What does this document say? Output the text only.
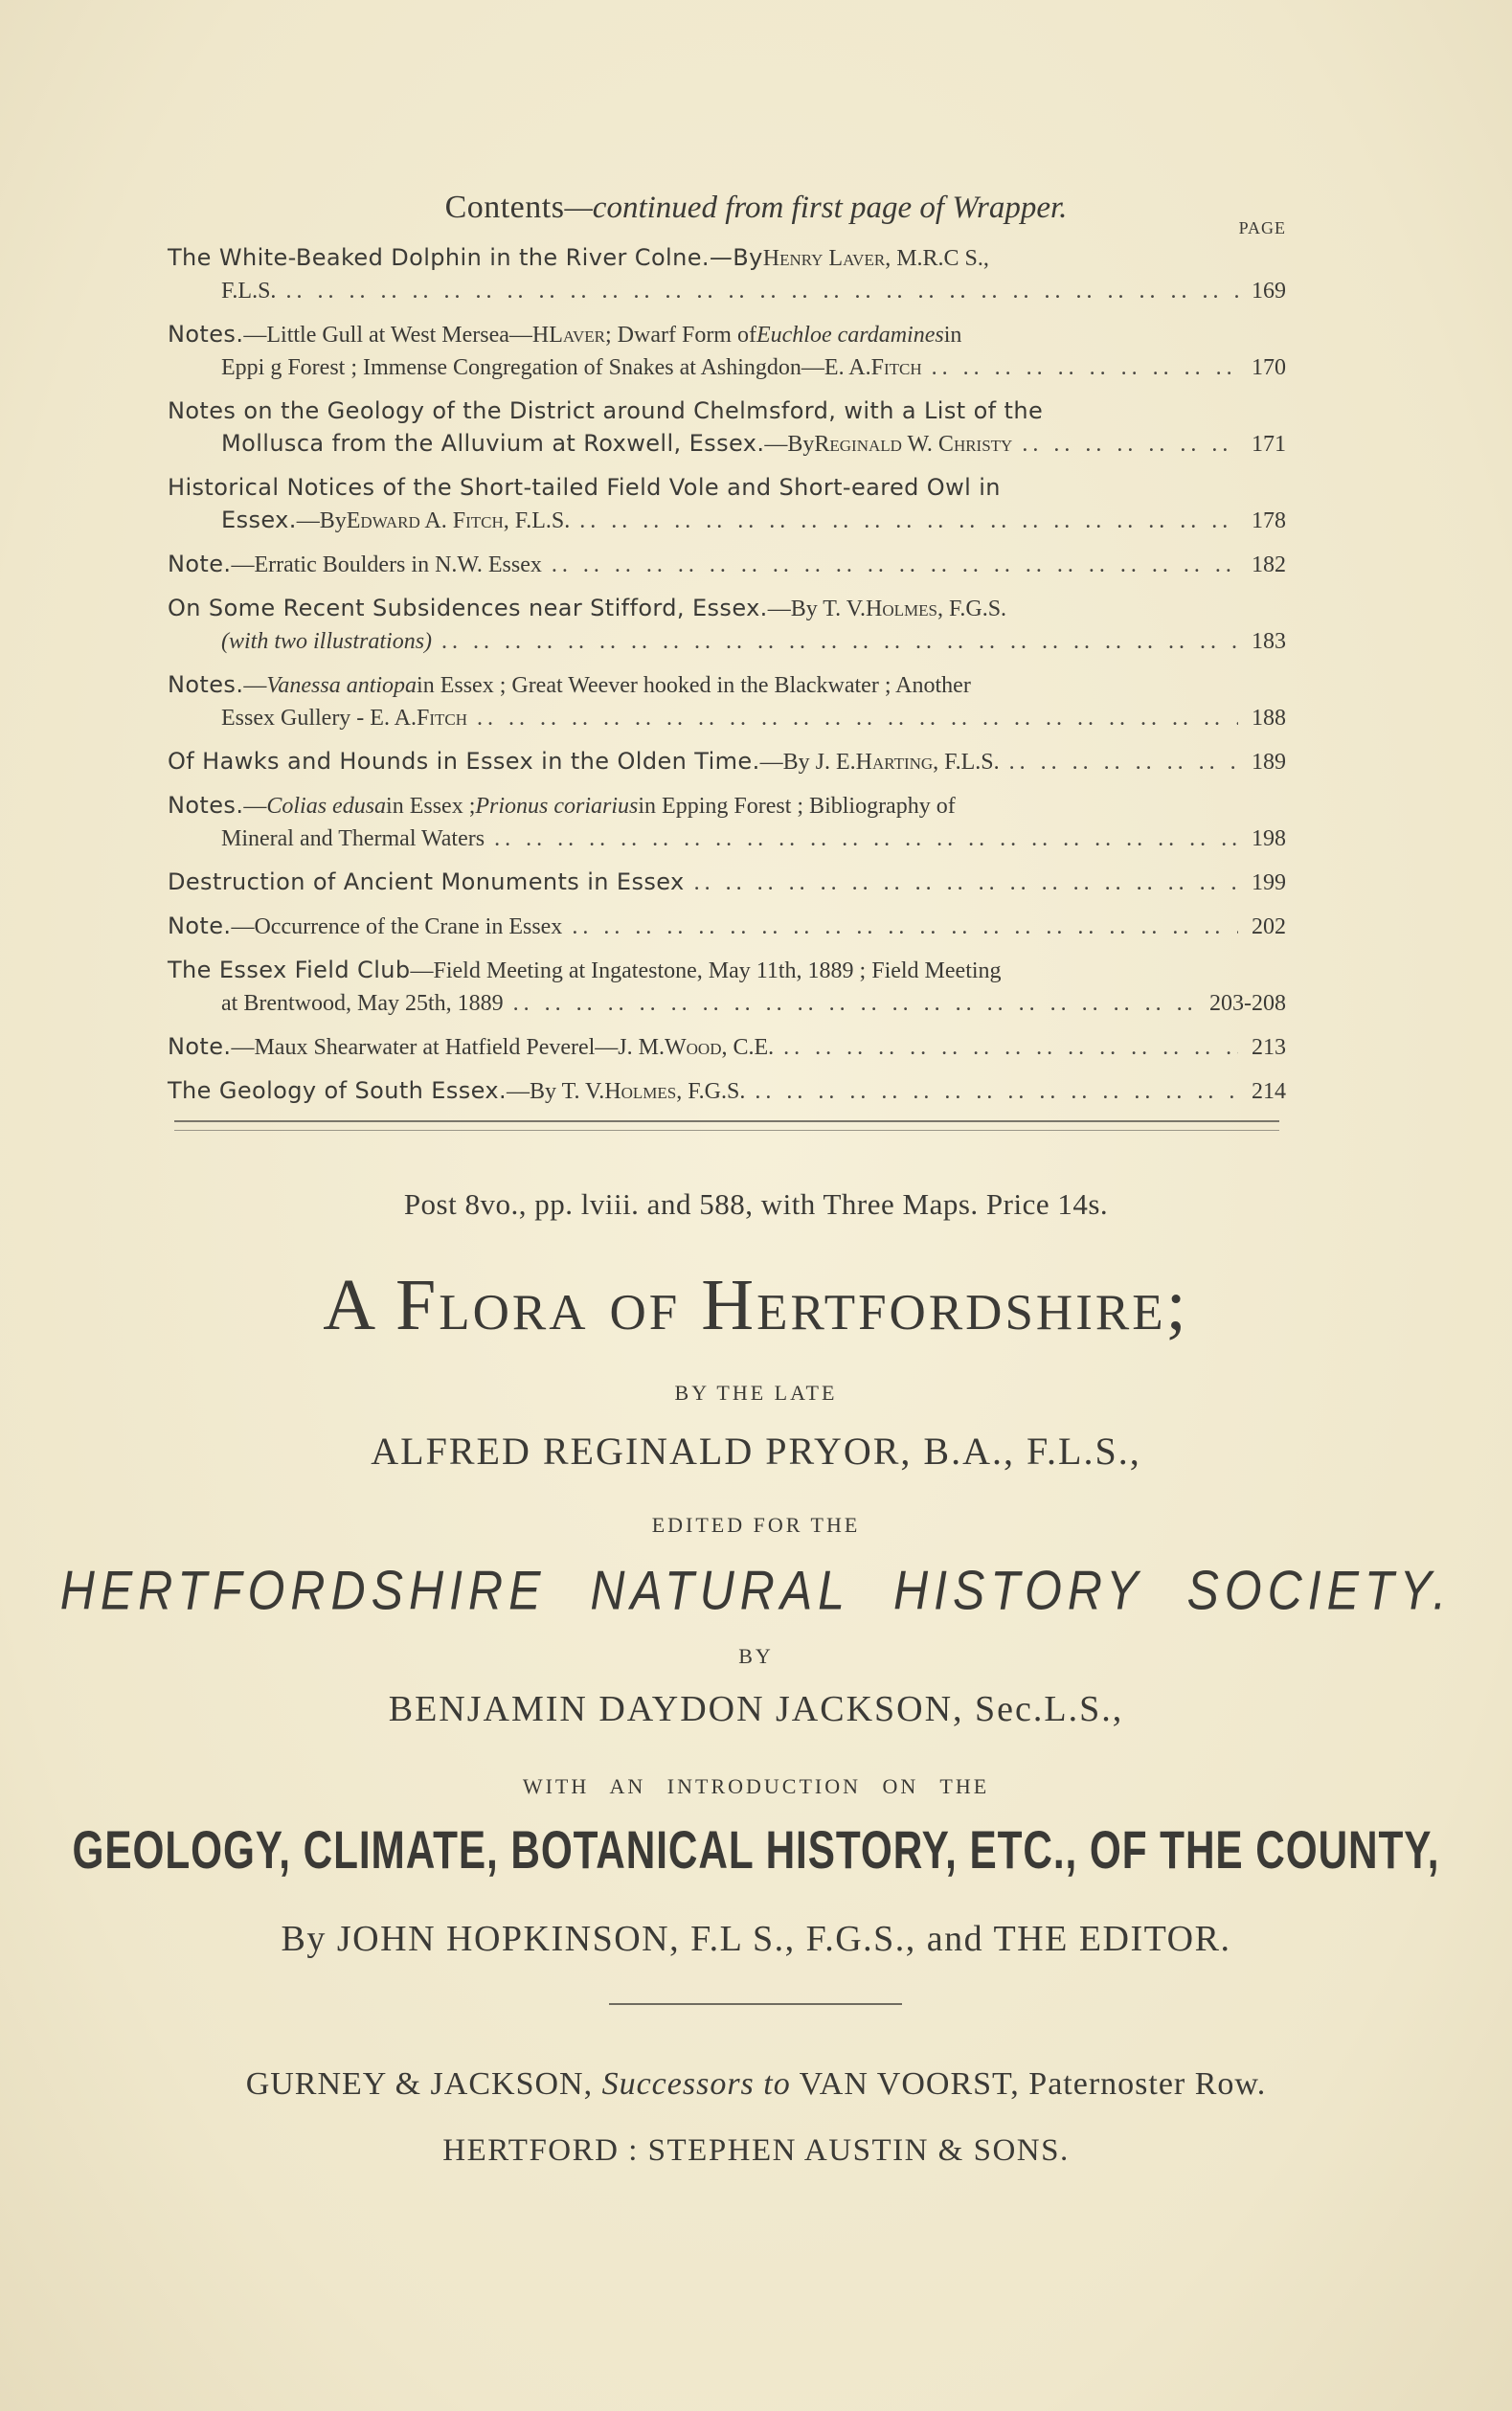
Contents—continued from first page of Wrapper.
PAGE
The White-Beaked Dolphin in the River Colne.—By Henry Laver , M.R.C S.,
F.L.S. .. ..	169
Notes. —Little Gull at West Mersea—H Laver ; Dwarf Form of Euchloe cardamines in
Eppi g Forest ; Immense Congregation of Snakes at Ashingdon—E. A. Fitch .. ..	170
Notes on the Geology of the District around Chelmsford, with a List of the
Mollusca from the Alluvium at Roxwell, Essex. —By Reginald W. Christy .. ..	171
Historical Notices of the Short-tailed Field Vole and Short-eared Owl in
Essex. —By Edward A. Fitch , F.L.S. .. ..	178
Note. —Erratic Boulders in N.W. Essex .. ..	182
On Some Recent Subsidences near Stifford, Essex. —By T. V. Holmes , F.G.S.
(with two illustrations) .. ..	183
Notes. — Vanessa antiopa in Essex ; Great Weever hooked in the Blackwater ; Another
Essex Gullery - E. A. Fitch .. ..	188
Of Hawks and Hounds in Essex in the Olden Time. —By J. E. Harting , F.L.S. .. ..	189
Notes. — Colias edusa in Essex ; Prionus coriarius in Epping Forest ; Bibliography of
Mineral and Thermal Waters .. ..	198
Destruction of Ancient Monuments in Essex .. ..	199
Note. —Occurrence of the Crane in Essex .. ..	202
The Essex Field Club —Field Meeting at Ingatestone, May 11th, 1889 ; Field Meeting
at Brentwood, May 25th, 1889 .. ..	203-208
Note. —Maux Shearwater at Hatfield Peverel—J. M. Wood , C.E. .. ..	213
The Geology of South Essex. —By T. V. Holmes , F.G.S. .. ..	214
Post 8vo., pp. lviii. and 588, with Three Maps. Price 14s.
A Flora of Hertfordshire;
BY THE LATE
ALFRED REGINALD PRYOR, B.A., F.L.S.,
EDITED FOR THE
HERTFORDSHIRE NATURAL HISTORY SOCIETY.
BY
BENJAMIN DAYDON JACKSON, Sec.L.S.,
WITH AN INTRODUCTION ON THE
GEOLOGY, CLIMATE, BOTANICAL HISTORY, ETC., OF THE COUNTY,
By JOHN HOPKINSON, F.L S., F.G.S., and THE EDITOR.
GURNEY & JACKSON, Successors to VAN VOORST, Paternoster Row.
HERTFORD : STEPHEN AUSTIN & SONS.
